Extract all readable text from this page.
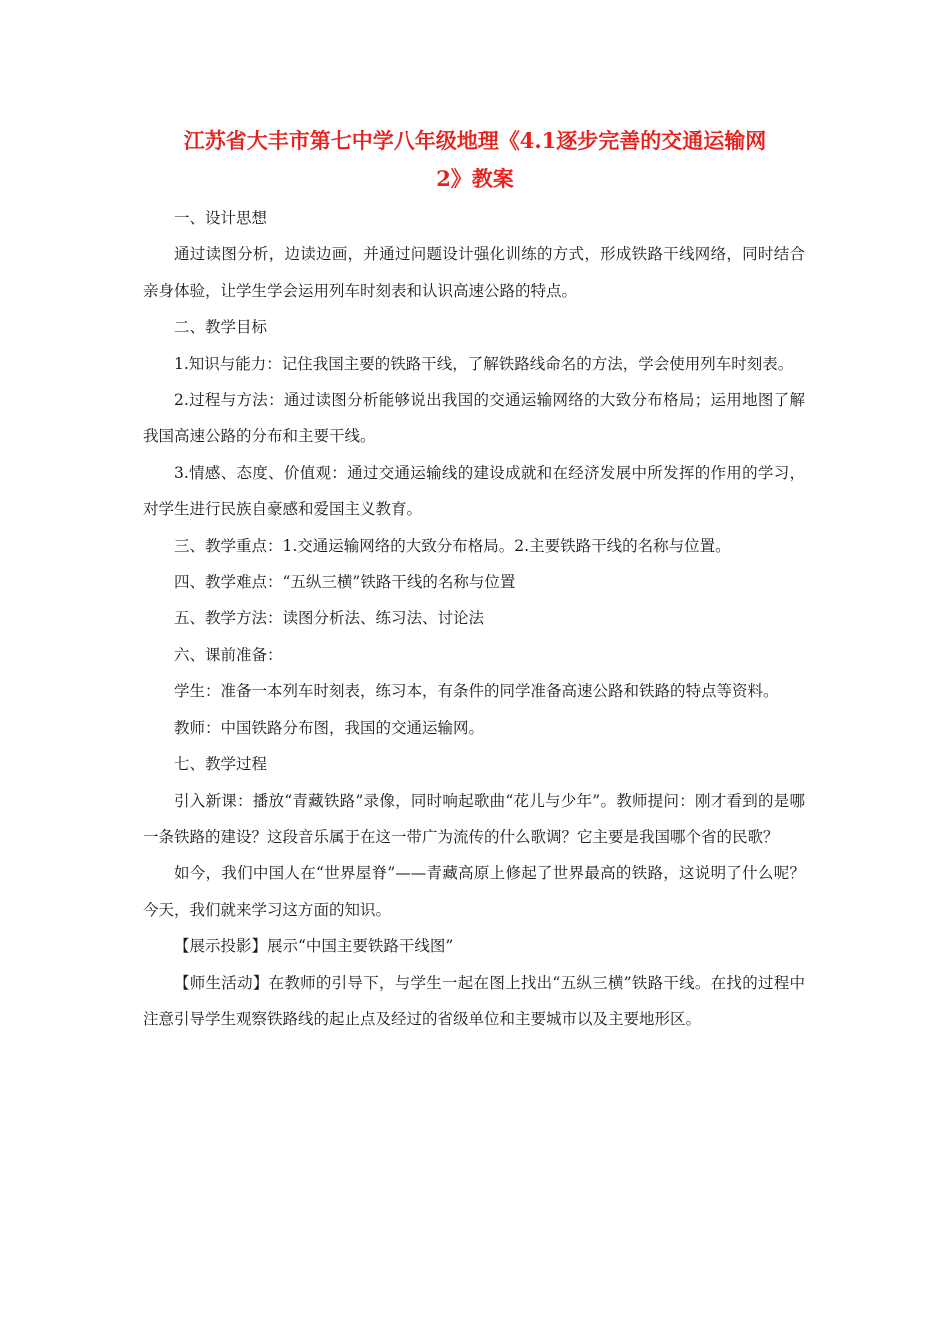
江苏省大丰市第七中学八年级地理《4.1逐步完善的交通运输网
2》教案

一、设计思想

通过读图分析，边读边画，并通过问题设计强化训练的方式，形成铁路干线网络，同时结合亲身体验，让学生学会运用列车时刻表和认识高速公路的特点。

二、教学目标

1.知识与能力：记住我国主要的铁路干线，了解铁路线命名的方法，学会使用列车时刻表。

2.过程与方法：通过读图分析能够说出我国的交通运输网络的大致分布格局；运用地图了解我国高速公路的分布和主要干线。

3.情感、态度、价值观：通过交通运输线的建设成就和在经济发展中所发挥的作用的学习，对学生进行民族自豪感和爱国主义教育。

三、教学重点：1.交通运输网络的大致分布格局。2.主要铁路干线的名称与位置。

四、教学难点：“五纵三横”铁路干线的名称与位置

五、教学方法：读图分析法、练习法、讨论法

六、课前准备：

学生：准备一本列车时刻表，练习本，有条件的同学准备高速公路和铁路的特点等资料。

教师：中国铁路分布图，我国的交通运输网。

七、教学过程

引入新课：播放“青藏铁路”录像，同时响起歌曲“花儿与少年”。教师提问：刚才看到的是哪一条铁路的建设？这段音乐属于在这一带广为流传的什么歌调？它主要是我国哪个省的民歌？

如今，我们中国人在“世界屋脊”——青藏高原上修起了世界最高的铁路，这说明了什么呢？今天，我们就来学习这方面的知识。

【展示投影】展示“中国主要铁路干线图”

【师生活动】在教师的引导下，与学生一起在图上找出“五纵三横”铁路干线。在找的过程中注意引导学生观察铁路线的起止点及经过的省级单位和主要城市以及主要地形区。
